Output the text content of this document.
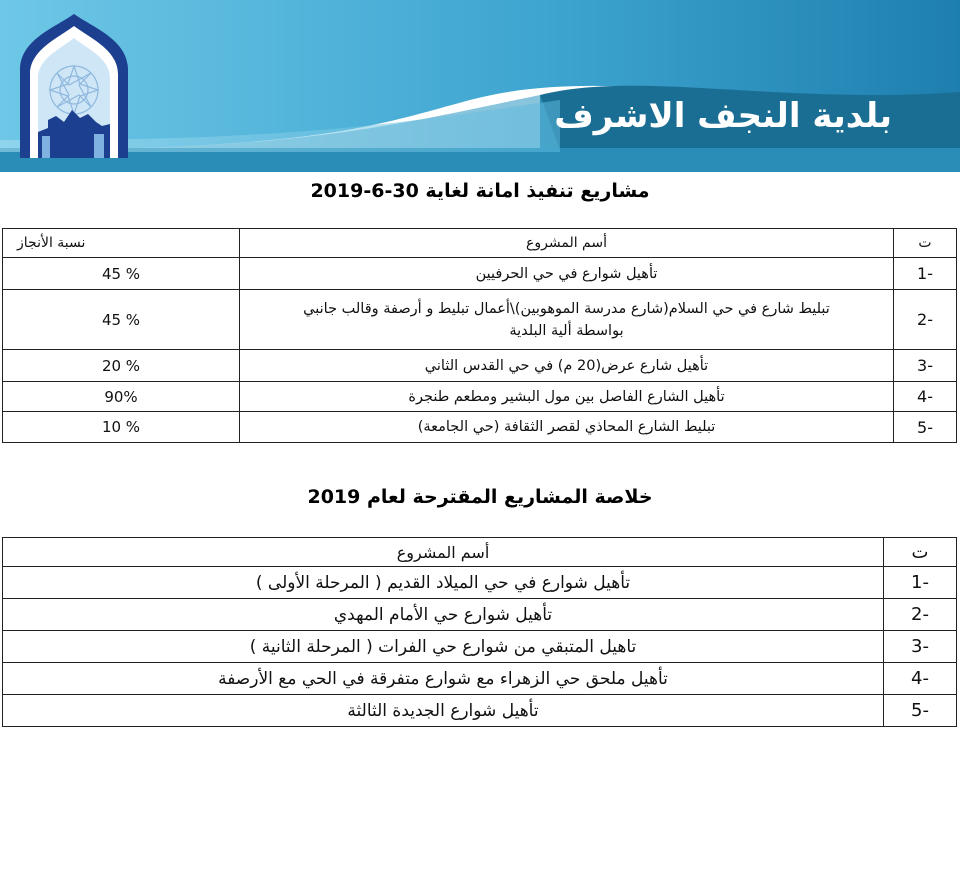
بلدية النجف الاشرف
مشاريع تنفيذ امانة لغاية 30-6-2019
ت	أسم المشروع	نسبة الأنجاز
-1	تأهيل شوارع في حي الحرفيين	45 %
-2	تبليط شارع في حي السلام(شارع مدرسة الموهوبين)\أعمال تبليط و أرصفة وقالب جانبي بواسطة ألية البلدية	45 %
-3	تأهيل شارع عرض(20 م) في حي القدس الثاني	20 %
-4	تأهيل الشارع الفاصل بين مول البشير ومطعم طنجرة	90%
-5	تبليط الشارع المحاذي لقصر الثقافة (حي الجامعة)	10 %
خلاصة المشاريع المقترحة لعام 2019
ت	أسم المشروع
-1	تأهيل شوارع في حي الميلاد القديم ( المرحلة الأولى )
-2	تأهيل شوارع حي الأمام المهدي
-3	تاهيل المتبقي من شوارع حي الفرات ( المرحلة الثانية )
-4	تأهيل ملحق حي الزهراء مع شوارع متفرقة في الحي مع الأرصفة
-5	تأهيل شوارع الجديدة الثالثة
